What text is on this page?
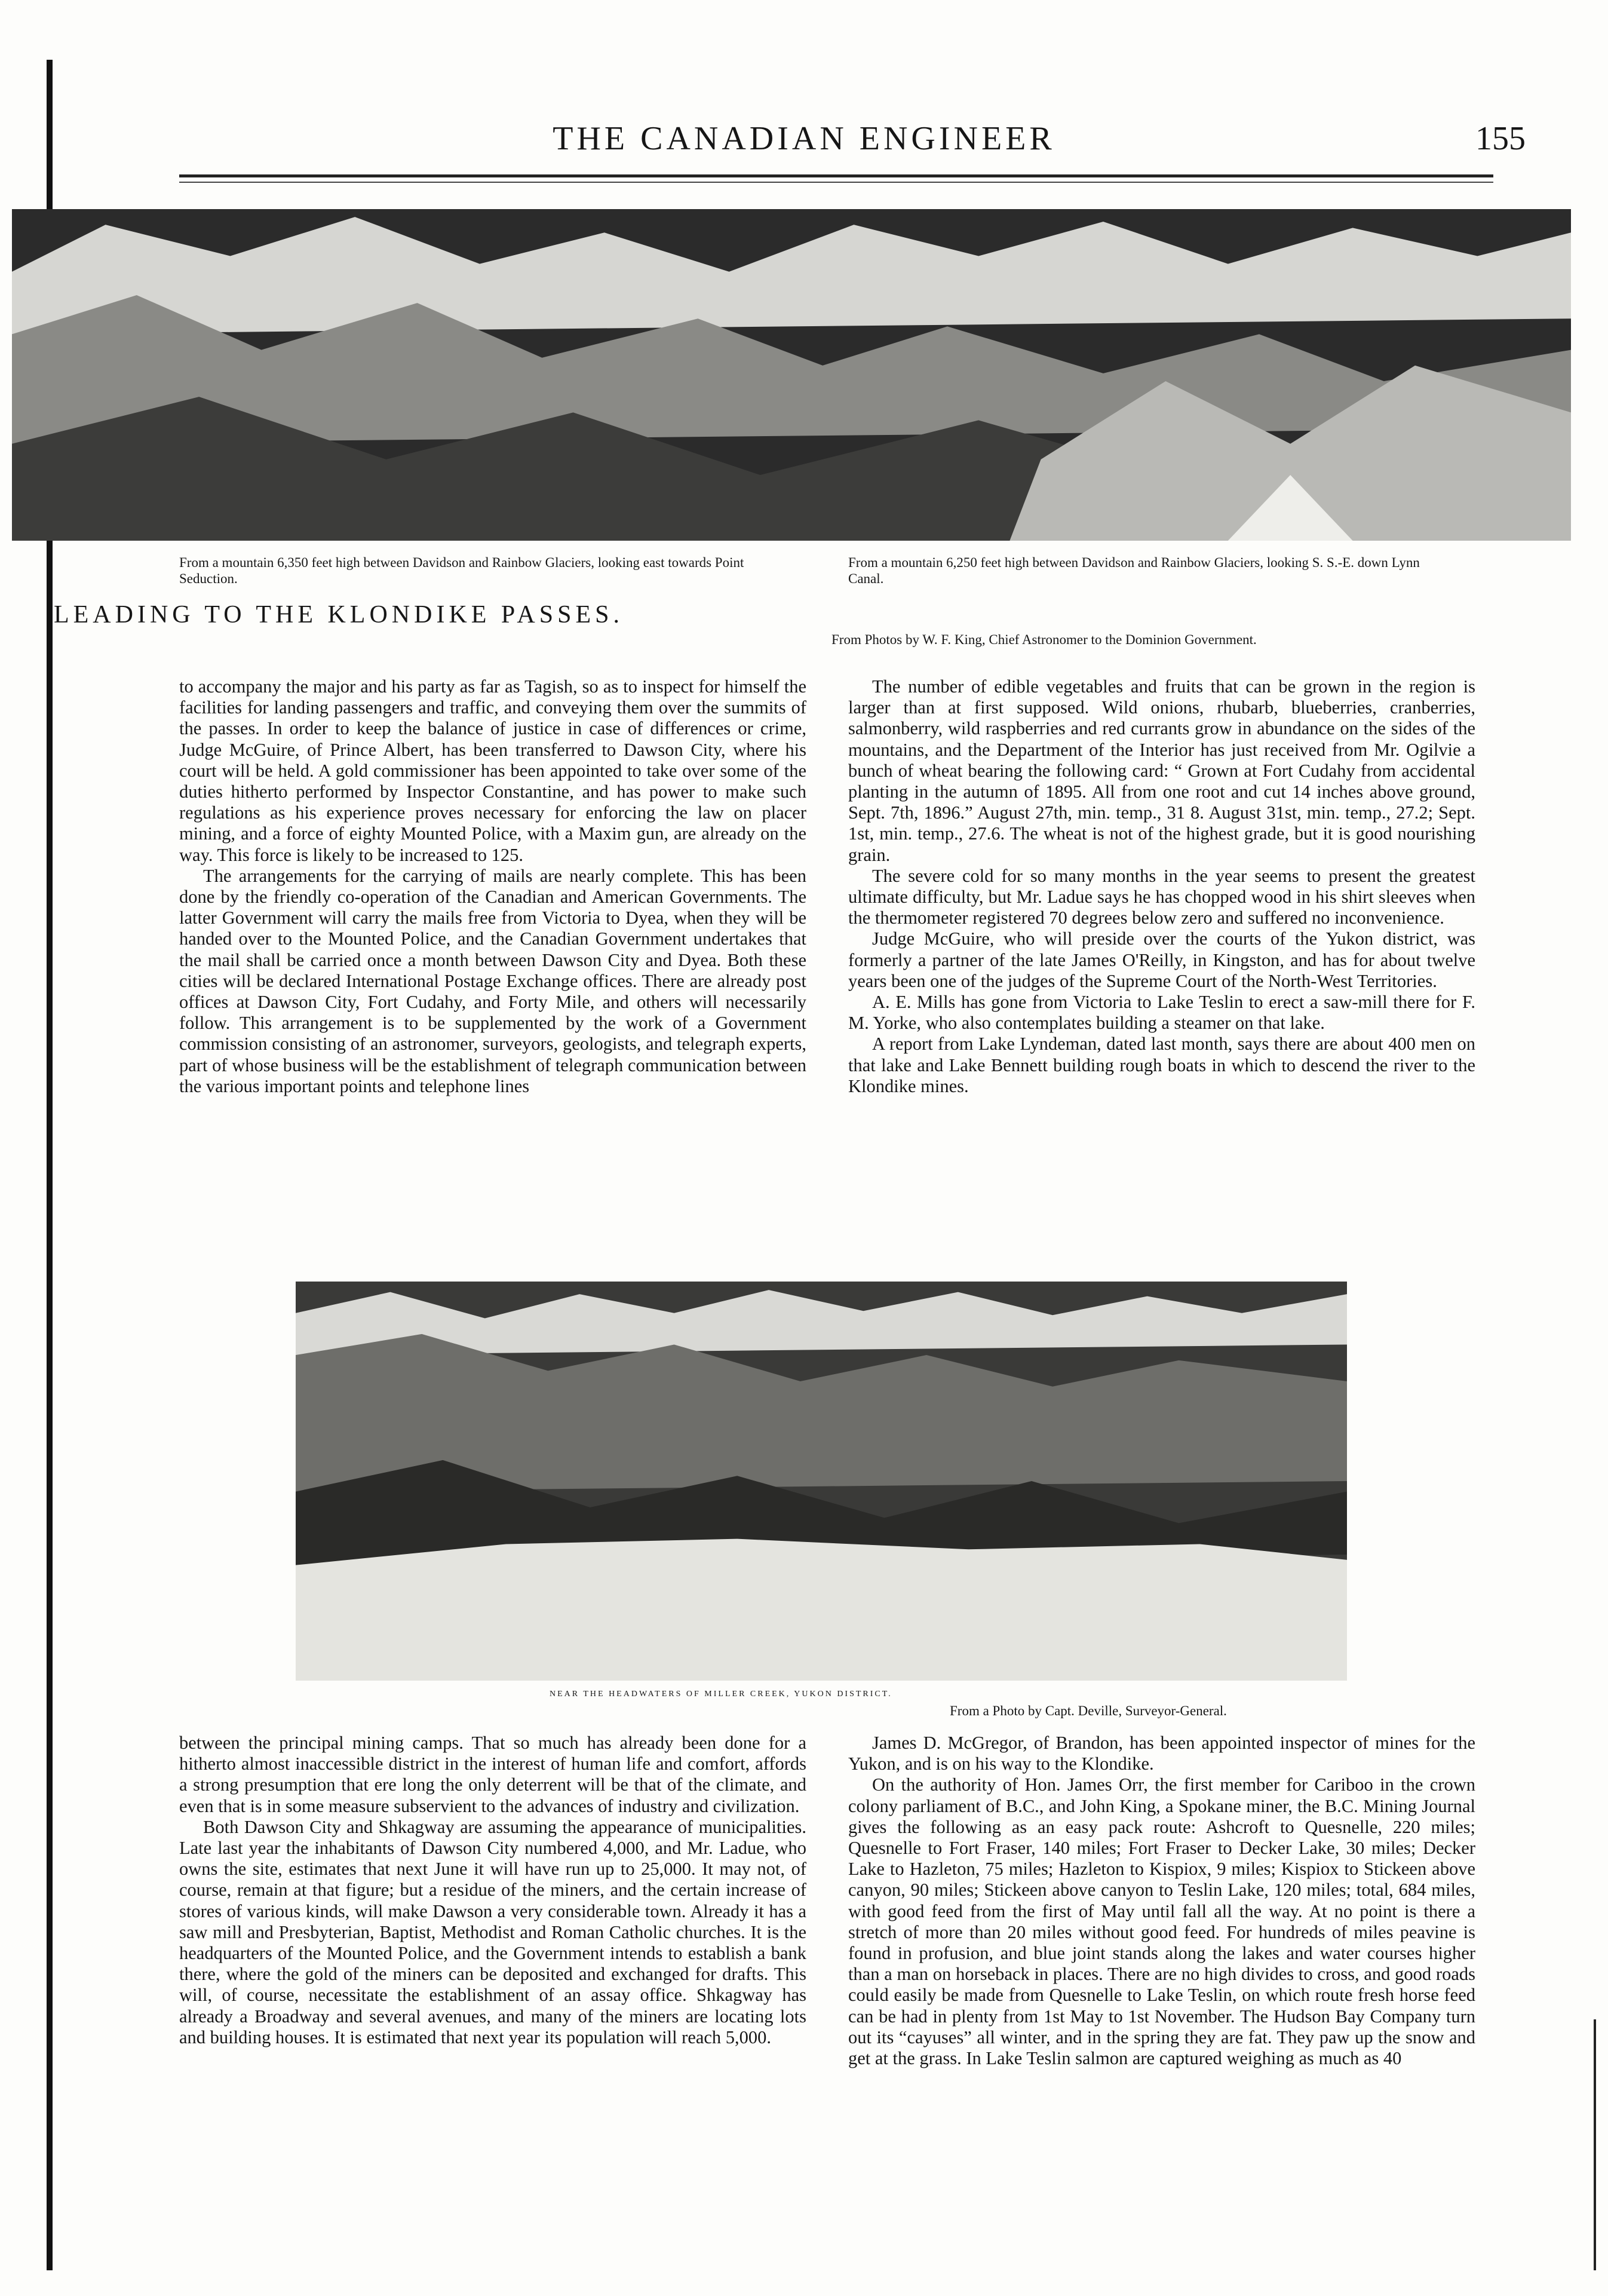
THE CANADIAN ENGINEER	155
From a mountain 6,350 feet high between Davidson and Rainbow Glaciers, looking east towards Point Seduction.
From a mountain 6,250 feet high between Davidson and Rainbow Glaciers, looking S. S.-E. down Lynn Canal.
LEADING TO THE KLONDIKE PASSES.
From Photos by W. F. King, Chief Astronomer to the Dominion Government.

to accompany the major and his party as far as Tagish, so as to inspect for himself the facilities for landing passengers and traffic, and conveying them over the summits of the passes. In order to keep the balance of justice in case of differences or crime, Judge McGuire, of Prince Albert, has been transferred to Dawson City, where his court will be held. A gold commissioner has been appointed to take over some of the duties hitherto performed by Inspector Constantine, and has power to make such regulations as his experience proves necessary for enforcing the law on placer mining, and a force of eighty Mounted Police, with a Maxim gun, are already on the way. This force is likely to be increased to 125.

The arrangements for the carrying of mails are nearly complete. This has been done by the friendly co-operation of the Canadian and American Governments. The latter Government will carry the mails free from Victoria to Dyea, when they will be handed over to the Mounted Police, and the Canadian Government undertakes that the mail shall be carried once a month between Dawson City and Dyea. Both these cities will be declared International Postage Exchange offices. There are already post offices at Dawson City, Fort Cudahy, and Forty Mile, and others will necessarily follow. This arrangement is to be supplemented by the work of a Government commission consisting of an astronomer, surveyors, geologists, and telegraph experts, part of whose business will be the establishment of telegraph communication between the various important points and telephone lines

The number of edible vegetables and fruits that can be grown in the region is larger than at first supposed. Wild onions, rhubarb, blueberries, cranberries, salmonberry, wild raspberries and red currants grow in abundance on the sides of the mountains, and the Department of the Interior has just received from Mr. Ogilvie a bunch of wheat bearing the following card: “ Grown at Fort Cudahy from accidental planting in the autumn of 1895. All from one root and cut 14 inches above ground, Sept. 7th, 1896.” August 27th, min. temp., 31 8. August 31st, min. temp., 27.2; Sept. 1st, min. temp., 27.6. The wheat is not of the highest grade, but it is good nourishing grain.

The severe cold for so many months in the year seems to present the greatest ultimate difficulty, but Mr. Ladue says he has chopped wood in his shirt sleeves when the thermometer registered 70 degrees below zero and suffered no inconvenience.

Judge McGuire, who will preside over the courts of the Yukon district, was formerly a partner of the late James O'Reilly, in Kingston, and has for about twelve years been one of the judges of the Supreme Court of the North-West Territories.

A. E. Mills has gone from Victoria to Lake Teslin to erect a saw-mill there for F. M. Yorke, who also contemplates building a steamer on that lake.

A report from Lake Lyndeman, dated last month, says there are about 400 men on that lake and Lake Bennett building rough boats in which to descend the river to the Klondike mines.

NEAR THE HEADWATERS OF MILLER CREEK, YUKON DISTRICT.
From a Photo by Capt. Deville, Surveyor-General.

between the principal mining camps. That so much has already been done for a hitherto almost inaccessible district in the interest of human life and comfort, affords a strong presumption that ere long the only deterrent will be that of the climate, and even that is in some measure subservient to the advances of industry and civilization.

Both Dawson City and Shkagway are assuming the appearance of municipalities. Late last year the inhabitants of Dawson City numbered 4,000, and Mr. Ladue, who owns the site, estimates that next June it will have run up to 25,000. It may not, of course, remain at that figure; but a residue of the miners, and the certain increase of stores of various kinds, will make Dawson a very considerable town. Already it has a saw mill and Presbyterian, Baptist, Methodist and Roman Catholic churches. It is the headquarters of the Mounted Police, and the Government intends to establish a bank there, where the gold of the miners can be deposited and exchanged for drafts. This will, of course, necessitate the establishment of an assay office. Shkagway has already a Broadway and several avenues, and many of the miners are locating lots and building houses. It is estimated that next year its population will reach 5,000.

James D. McGregor, of Brandon, has been appointed inspector of mines for the Yukon, and is on his way to the Klondike.

On the authority of Hon. James Orr, the first member for Cariboo in the crown colony parliament of B.C., and John King, a Spokane miner, the B.C. Mining Journal gives the following as an easy pack route: Ashcroft to Quesnelle, 220 miles; Quesnelle to Fort Fraser, 140 miles; Fort Fraser to Decker Lake, 30 miles; Decker Lake to Hazleton, 75 miles; Hazleton to Kispiox, 9 miles; Kispiox to Stickeen above canyon, 90 miles; Stickeen above canyon to Teslin Lake, 120 miles; total, 684 miles, with good feed from the first of May until fall all the way. At no point is there a stretch of more than 20 miles without good feed. For hundreds of miles peavine is found in profusion, and blue joint stands along the lakes and water courses higher than a man on horseback in places. There are no high divides to cross, and good roads could easily be made from Quesnelle to Lake Teslin, on which route fresh horse feed can be had in plenty from 1st May to 1st November. The Hudson Bay Company turn out its “cayuses” all winter, and in the spring they are fat. They paw up the snow and get at the grass. In Lake Teslin salmon are captured weighing as much as 40
